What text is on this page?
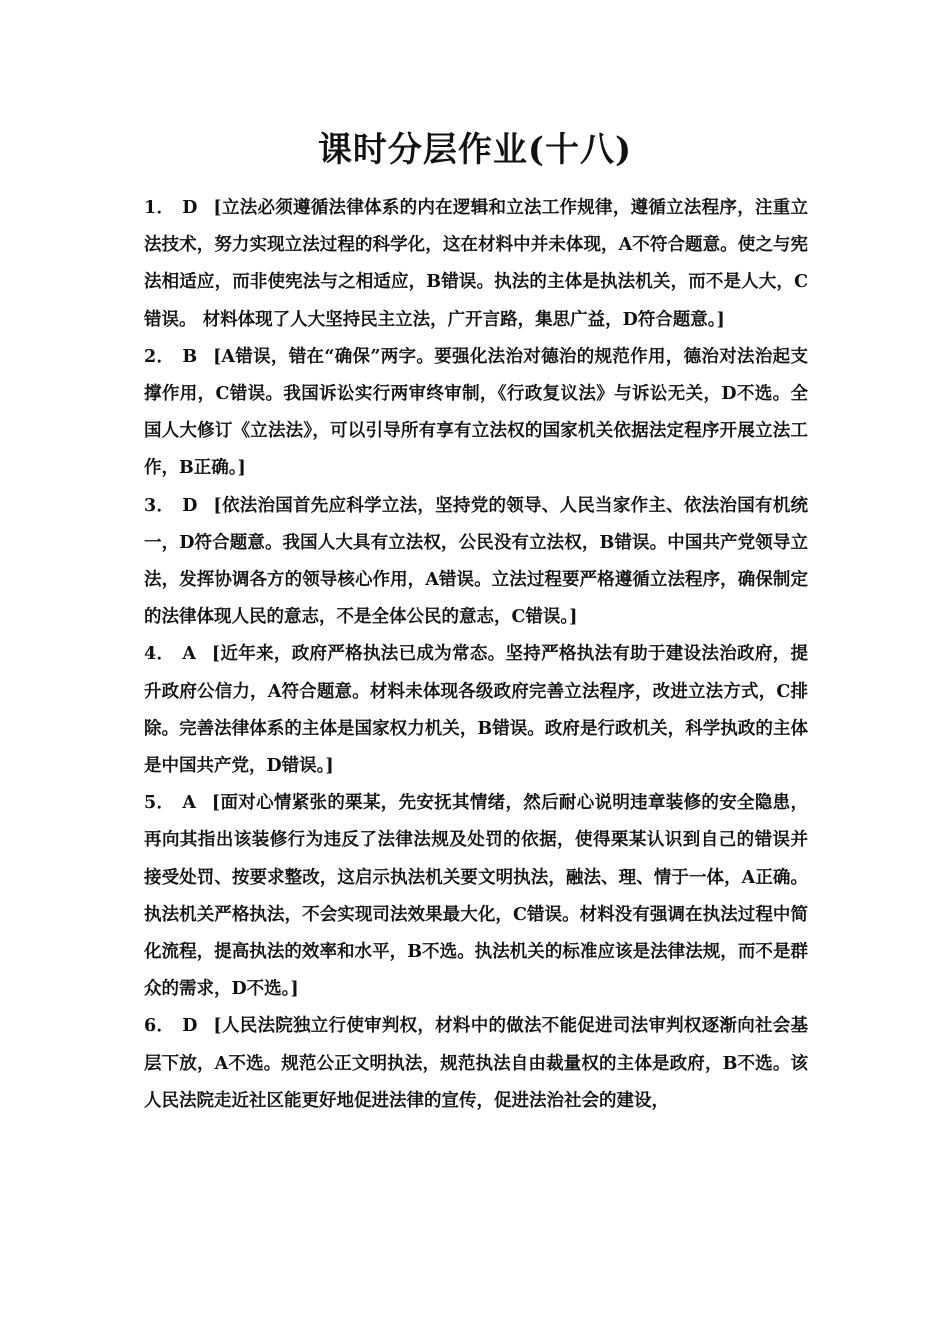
课时分层作业(十八)

1． D [立法必须遵循法律体系的内在逻辑和立法工作规律，遵循立法程序，注重立法技术，努力实现立法过程的科学化，这在材料中并未体现，A不符合题意。使之与宪法相适应，而非使宪法与之相适应，B错误。执法的主体是执法机关，而不是人大，C错误。 材料体现了人大坚持民主立法，广开言路，集思广益，D符合题意。]

2． B [A错误，错在“确保”两字。要强化法治对德治的规范作用，德治对法治起支撑作用，C错误。我国诉讼实行两审终审制，《行政复议法》与诉讼无关，D不选。全国人大修订《立法法》，可以引导所有享有立法权的国家机关依据法定程序开展立法工作，B正确。]

3． D [依法治国首先应科学立法，坚持党的领导、人民当家作主、依法治国有机统一，D符合题意。我国人大具有立法权，公民没有立法权，B错误。中国共产党领导立法，发挥协调各方的领导核心作用，A错误。立法过程要严格遵循立法程序，确保制定的法律体现人民的意志，不是全体公民的意志，C错误。]

4． A [近年来，政府严格执法已成为常态。坚持严格执法有助于建设法治政府，提升政府公信力，A符合题意。材料未体现各级政府完善立法程序，改进立法方式，C排除。完善法律体系的主体是国家权力机关，B错误。政府是行政机关，科学执政的主体是中国共产党，D错误。]

5． A [面对心情紧张的栗某，先安抚其情绪，然后耐心说明违章装修的安全隐患，再向其指出该装修行为违反了法律法规及处罚的依据，使得栗某认识到自己的错误并接受处罚、按要求整改，这启示执法机关要文明执法，融法、理、情于一体，A正确。执法机关严格执法，不会实现司法效果最大化，C错误。材料没有强调在执法过程中简化流程，提高执法的效率和水平，B不选。执法机关的标准应该是法律法规，而不是群众的需求，D不选。]

6． D [人民法院独立行使审判权，材料中的做法不能促进司法审判权逐渐向社会基层下放，A不选。规范公正文明执法，规范执法自由裁量权的主体是政府，B不选。该人民法院走近社区能更好地促进法律的宣传，促进法治社会的建设，
